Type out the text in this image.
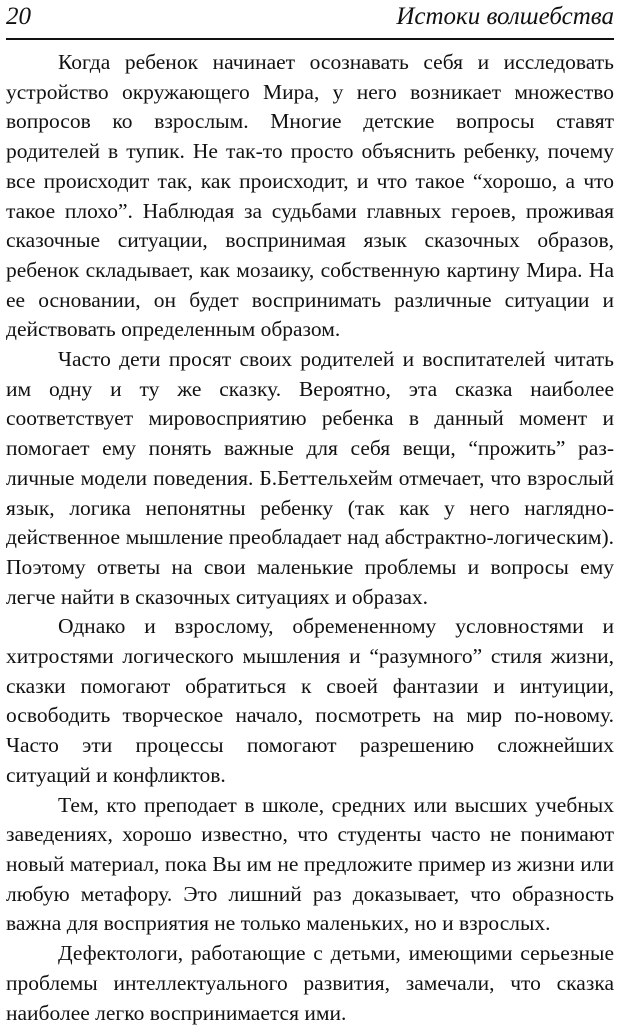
20	Истоки волшебства

Когда ребенок начинает осознавать себя и исследовать устройство окружающего Мира, у него возникает множество вопросов ко взрослым. Многие детские вопросы ставят родителей в тупик. Не так-то просто объяснить ребенку, почему все происходит так, как происходит, и что такое “хорошо, а что такое плохо”. Наблюдая за судьбами главных героев, проживая сказочные ситуации, воспринимая язык сказочных образов, ребенок складывает, как мозаику, собственную картину Мира. На ее основании, он будет воспринимать различные ситуации и действовать определенным образом.

Часто дети просят своих родителей и воспитателей читать им одну и ту же сказку. Вероятно, эта сказка наиболее соответствует мировосприятию ребенка в данный момент и помогает ему понять важные для себя вещи, “прожить” различные модели поведения. Б.Беттельхейм отмечает, что взрослый язык, логика непонятны ребенку (так как у него наглядно-действенное мышление преобладает над абстрактно-логическим). Поэтому ответы на свои маленькие проблемы и вопросы ему легче найти в сказочных ситуациях и образах.

Однако и взрослому, обремененному условностями и хитростями логического мышления и “разумного” стиля жизни, сказки помогают обратиться к своей фантазии и интуиции, освободить творческое начало, посмотреть на мир по-новому. Часто эти процессы помогают разрешению сложнейших ситуаций и конфликтов.

Тем, кто преподает в школе, средних или высших учебных заведениях, хорошо известно, что студенты часто не понимают новый материал, пока Вы им не предложите пример из жизни или любую метафору. Это лишний раз доказывает, что образность важна для восприятия не только маленьких, но и взрослых.

Дефектологи, работающие с детьми, имеющими серьезные проблемы интеллектуального развития, замечали, что сказка наиболее легко воспринимается ими.
